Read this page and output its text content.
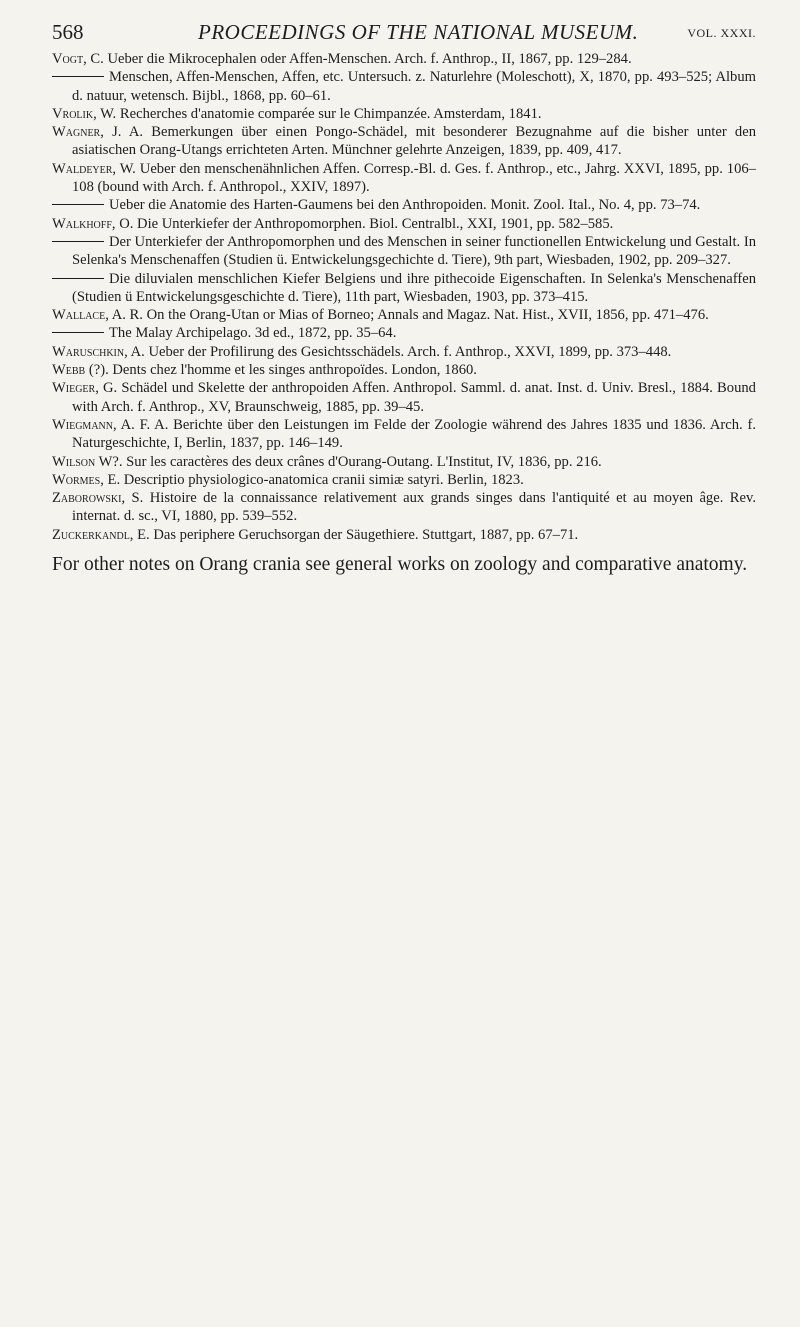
568	PROCEEDINGS OF THE NATIONAL MUSEUM.	VOL. XXXI.

Vogt, C. Ueber die Mikrocephalen oder Affen-Menschen. Arch. f. Anthrop., II, 1867, pp. 129–284.

Menschen, Affen-Menschen, Affen, etc. Untersuch. z. Naturlehre (Moleschott), X, 1870, pp. 493–525; Album d. natuur, wetensch. Bijbl., 1868, pp. 60–61.

Vrolik, W. Recherches d'anatomie comparée sur le Chimpanzée. Amsterdam, 1841.

Wagner, J. A. Bemerkungen über einen Pongo-Schädel, mit besonderer Bezugnahme auf die bisher unter den asiatischen Orang-Utangs errichteten Arten. Münchner gelehrte Anzeigen, 1839, pp. 409, 417.

Waldeyer, W. Ueber den menschenähnlichen Affen. Corresp.-Bl. d. Ges. f. Anthrop., etc., Jahrg. XXVI, 1895, pp. 106–108 (bound with Arch. f. Anthropol., XXIV, 1897).

Ueber die Anatomie des Harten-Gaumens bei den Anthropoiden. Monit. Zool. Ital., No. 4, pp. 73–74.

Walkhoff, O. Die Unterkiefer der Anthropomorphen. Biol. Centralbl., XXI, 1901, pp. 582–585.

Der Unterkiefer der Anthropomorphen und des Menschen in seiner functionellen Entwickelung und Gestalt. In Selenka's Menschenaffen (Studien ü. Entwickelungsgechichte d. Tiere), 9th part, Wiesbaden, 1902, pp. 209–327.

Die diluvialen menschlichen Kiefer Belgiens und ihre pithecoide Eigenschaften. In Selenka's Menschenaffen (Studien ü Entwickelungsgeschichte d. Tiere), 11th part, Wiesbaden, 1903, pp. 373–415.

Wallace, A. R. On the Orang-Utan or Mias of Borneo; Annals and Magaz. Nat. Hist., XVII, 1856, pp. 471–476.

The Malay Archipelago. 3d ed., 1872, pp. 35–64.

Waruschkin, A. Ueber der Profilirung des Gesichtsschädels. Arch. f. Anthrop., XXVI, 1899, pp. 373–448.

Webb (?). Dents chez l'homme et les singes anthropoïdes. London, 1860.

Wieger, G. Schädel und Skelette der anthropoiden Affen. Anthropol. Samml. d. anat. Inst. d. Univ. Bresl., 1884. Bound with Arch. f. Anthrop., XV, Braunschweig, 1885, pp. 39–45.

Wiegmann, A. F. A. Berichte über den Leistungen im Felde der Zoologie während des Jahres 1835 und 1836. Arch. f. Naturgeschichte, I, Berlin, 1837, pp. 146–149.

Wilson W?. Sur les caractères des deux crânes d'Ourang-Outang. L'Institut, IV, 1836, pp. 216.

Wormes, E. Descriptio physiologico-anatomica cranii simiæ satyri. Berlin, 1823.

Zaborowski, S. Histoire de la connaissance relativement aux grands singes dans l'antiquité et au moyen âge. Rev. internat. d. sc., VI, 1880, pp. 539–552.

Zuckerkandl, E. Das periphere Geruchsorgan der Säugethiere. Stuttgart, 1887, pp. 67–71.

For other notes on Orang crania see general works on zoology and comparative anatomy.
